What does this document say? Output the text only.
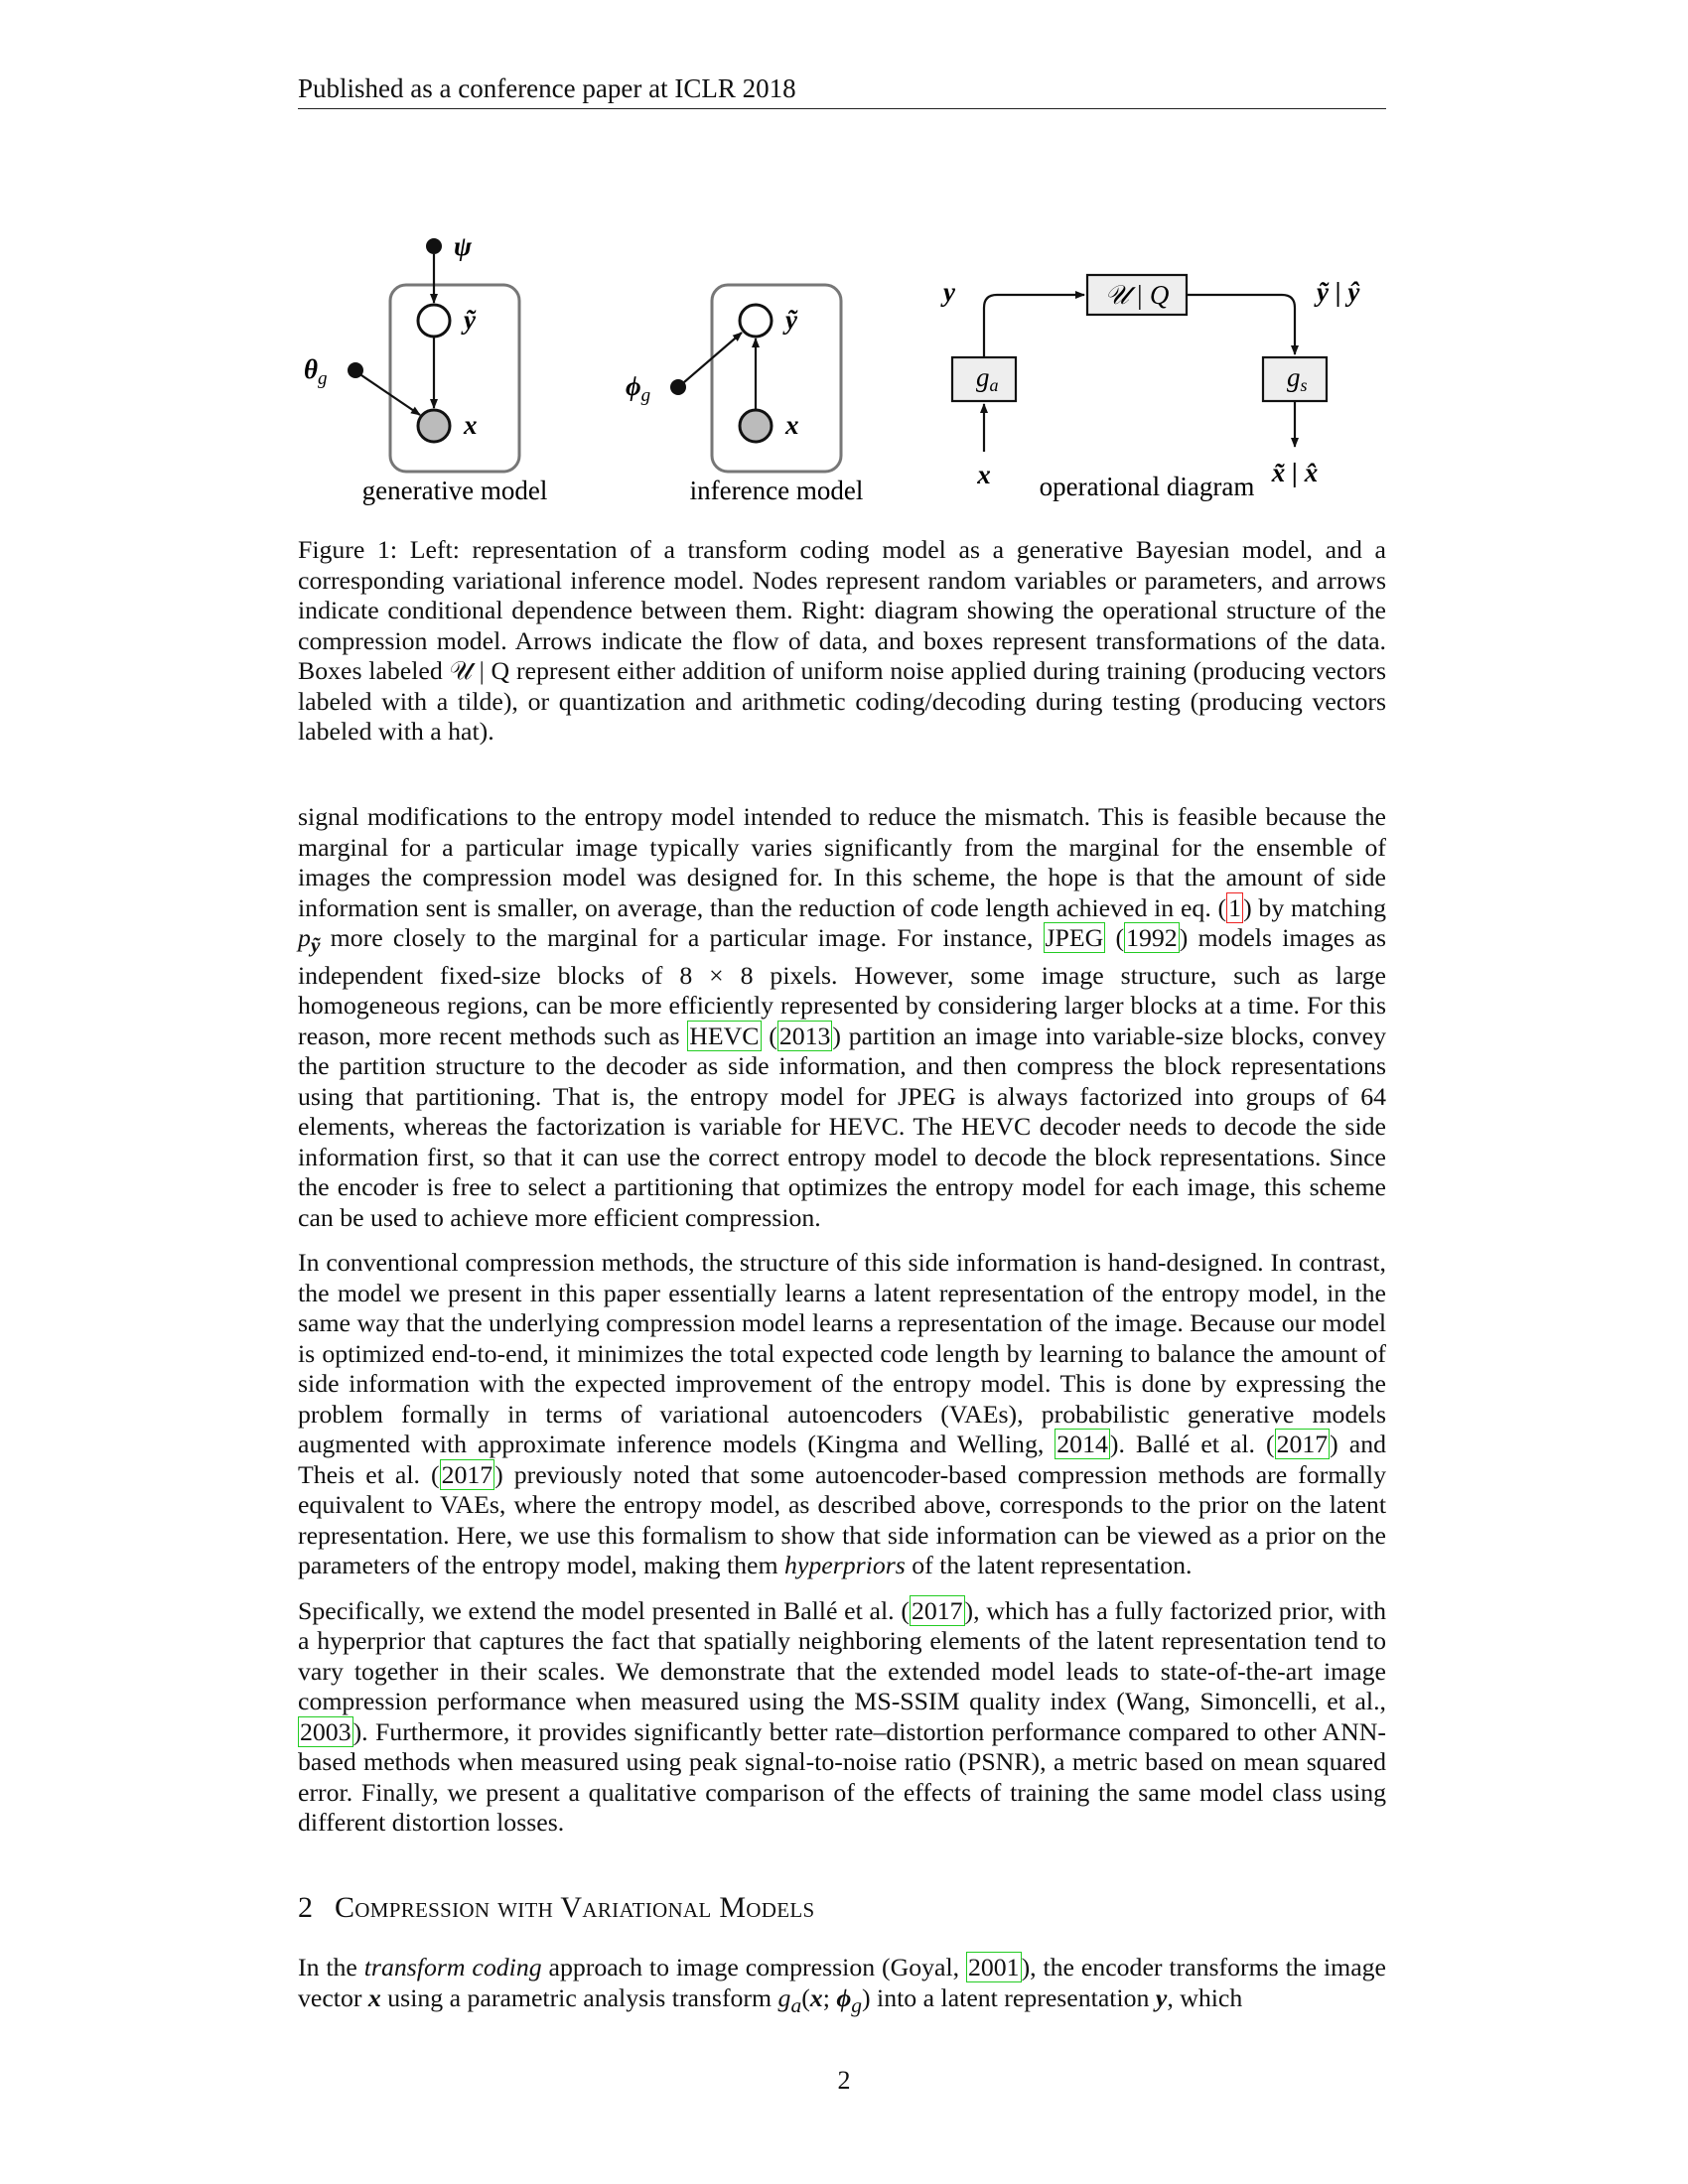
Published as a conference paper at ICLR 2018
ψ
ỹ
x
$\theta_g$
generative model
ỹ
x
$\phi_g$
inference model
y	𝒰 | Q	ỹ | ŷ
ga	gs
x	x̃ | x̂
operational diagram
Figure 1: Left: representation of a transform coding model as a generative Bayesian model, and a corresponding variational inference model. Nodes represent random variables or parameters, and arrows indicate conditional dependence between them. Right: diagram showing the operational structure of the compression model. Arrows indicate the flow of data, and boxes represent transformations of the data. Boxes labeled 𝒰 | Q represent either addition of uniform noise applied during training (producing vectors labeled with a tilde), or quantization and arithmetic coding/decoding during testing (producing vectors labeled with a hat).

signal modifications to the entropy model intended to reduce the mismatch. This is feasible because the marginal for a particular image typically varies significantly from the marginal for the ensemble of images the compression model was designed for. In this scheme, the hope is that the amount of side information sent is smaller, on average, than the reduction of code length achieved in eq. (1) by matching $p_ỹ$ more closely to the marginal for a particular image. For instance, JPEG (1992) models images as independent fixed-size blocks of 8 × 8 pixels. However, some image structure, such as large homogeneous regions, can be more efficiently represented by considering larger blocks at a time. For this reason, more recent methods such as HEVC (2013) partition an image into variable-size blocks, convey the partition structure to the decoder as side information, and then compress the block representations using that partitioning. That is, the entropy model for JPEG is always factorized into groups of 64 elements, whereas the factorization is variable for HEVC. The HEVC decoder needs to decode the side information first, so that it can use the correct entropy model to decode the block representations. Since the encoder is free to select a partitioning that optimizes the entropy model for each image, this scheme can be used to achieve more efficient compression.

In conventional compression methods, the structure of this side information is hand-designed. In contrast, the model we present in this paper essentially learns a latent representation of the entropy model, in the same way that the underlying compression model learns a representation of the image. Because our model is optimized end-to-end, it minimizes the total expected code length by learning to balance the amount of side information with the expected improvement of the entropy model. This is done by expressing the problem formally in terms of variational autoencoders (VAEs), probabilistic generative models augmented with approximate inference models (Kingma and Welling, 2014). Ballé et al. (2017) and Theis et al. (2017) previously noted that some autoencoder-based compression methods are formally equivalent to VAEs, where the entropy model, as described above, corresponds to the prior on the latent representation. Here, we use this formalism to show that side information can be viewed as a prior on the parameters of the entropy model, making them hyperpriors of the latent representation.

Specifically, we extend the model presented in Ballé et al. (2017), which has a fully factorized prior, with a hyperprior that captures the fact that spatially neighboring elements of the latent representation tend to vary together in their scales. We demonstrate that the extended model leads to state-of-the-art image compression performance when measured using the MS-SSIM quality index (Wang, Simoncelli, et al., 2003). Furthermore, it provides significantly better rate–distortion performance compared to other ANN-based methods when measured using peak signal-to-noise ratio (PSNR), a metric based on mean squared error. Finally, we present a qualitative comparison of the effects of training the same model class using different distortion losses.

2 Compression with Variational Models
In the transform coding approach to image compression (Goyal, 2001), the encoder transforms the image vector x using a parametric analysis transform $g_a(x$; $\phi_g$) into a latent representation y, which
2
